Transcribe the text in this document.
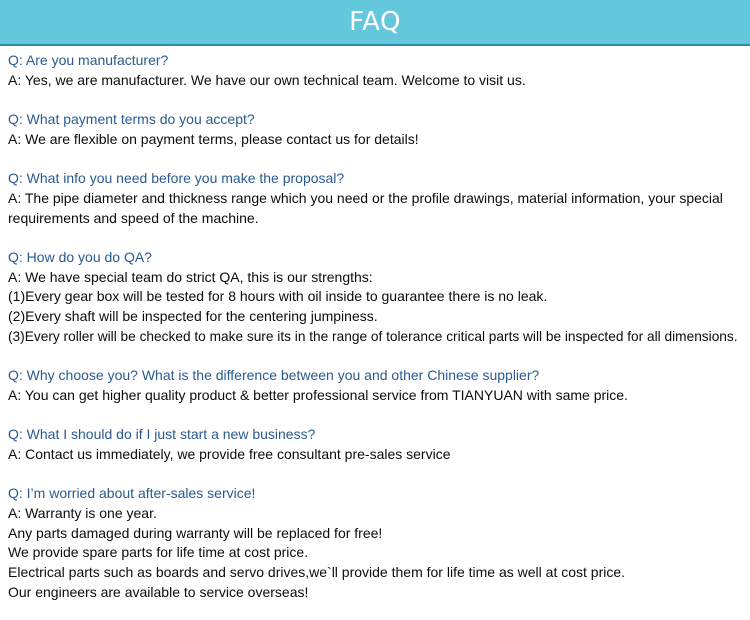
FAQ
Q: Are you manufacturer?
A: Yes, we are manufacturer. We have our own technical team. Welcome to visit us.
Q: What payment terms do you accept?
A: We are flexible on payment terms, please contact us for details!
Q: What info you need before you make the proposal?
A: The pipe diameter and thickness range which you need or the profile drawings, material information, your special
requirements and speed of the machine.
Q: How do you do QA?
A: We have special team do strict QA, this is our strengths:
(1)Every gear box will be tested for 8 hours with oil inside to guarantee there is no leak.
(2)Every shaft will be inspected for the centering jumpiness.
(3)Every roller will be checked to make sure its in the range of tolerance critical parts will be inspected for all dimensions.
Q: Why choose you? What is the difference between you and other Chinese supplier?
A: You can get higher quality product & better professional service from TIANYUAN with same price.
Q: What I should do if I just start a new business?
A: Contact us immediately, we provide free consultant pre-sales service
Q: I’m worried about after-sales service!
A: Warranty is one year.
Any parts damaged during warranty will be replaced for free!
We provide spare parts for life time at cost price.
Electrical parts such as boards and servo drives,we`ll provide them for life time as well at cost price.
Our engineers are available to service overseas!
